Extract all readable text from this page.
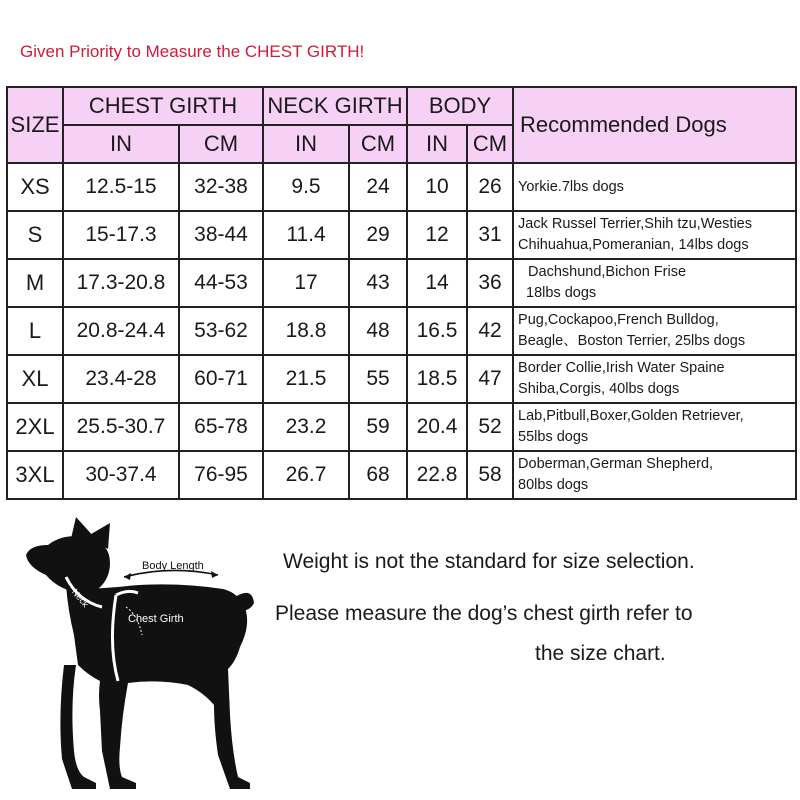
Given Priority to Measure the CHEST GIRTH!
SIZE	CHEST GIRTH		NECK GIRTH		BODY		Recommended Dogs
	IN	CM	IN	CM	IN	CM	
XS	12.5-15	32-38	9.5	24	10	26	Yorkie.7lbs dogs

S	15-17.3	38-44	11.4	29	12	31	Jack Russel Terrier,Shih tzu,Westies
Chihuahua,Pomeranian, 14lbs dogs

M	17.3-20.8	44-53	17	43	14	36	Dachshund,Bichon Frise
18lbs dogs

L	20.8-24.4	53-62	18.8	48	16.5	42	Pug,Cockapoo,French Bulldog,
Beagle、Boston Terrier, 25lbs dogs

XL	23.4-28	60-71	21.5	55	18.5	47	Border Collie,Irish Water Spaine
Shiba,Corgis, 40lbs dogs

2XL	25.5-30.7	65-78	23.2	59	20.4	52	Lab,Pitbull,Boxer,Golden Retriever,
55lbs dogs

3XL	30-37.4	76-95	26.7	68	22.8	58	Doberman,German Shepherd,
80lbs dogs
Body Length
Neck
Chest Girth
Weight is not the standard for size selection.
Please measure the dog’s chest girth refer to
the size chart.
